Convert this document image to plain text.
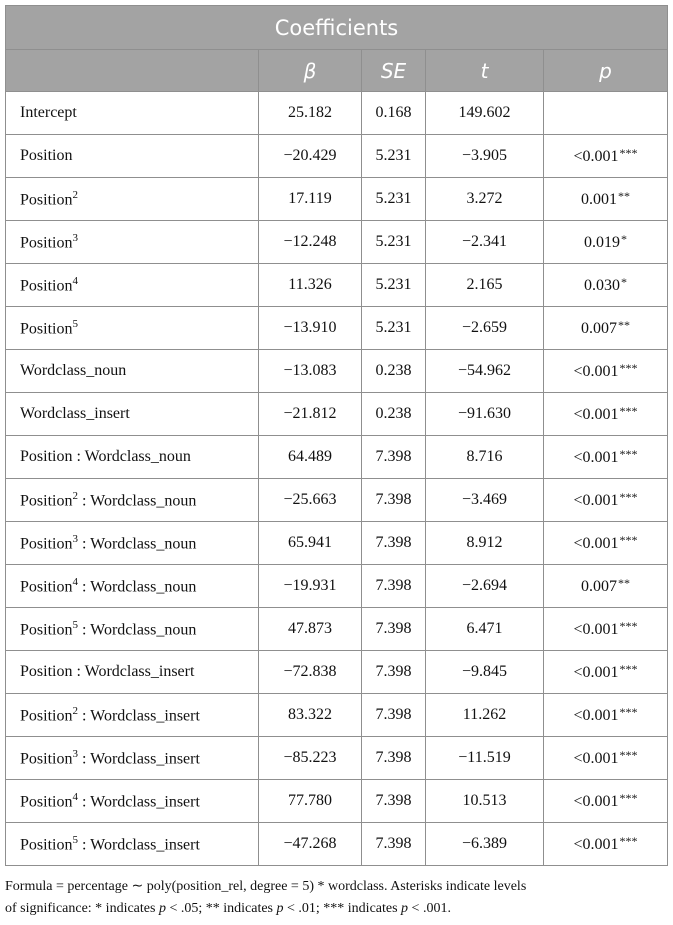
Coefficients				
	β	SE	t	p
Intercept	25.182	0.168	149.602	
Position	−20.429	5.231	−3.905	<0.001***
Position$^2$	17.119	5.231	3.272	0.001**
Position$^3$	−12.248	5.231	−2.341	0.019*
Position$^4$	11.326	5.231	2.165	0.030*
Position$^5$	−13.910	5.231	−2.659	0.007**
Wordclass_noun	−13.083	0.238	−54.962	<0.001***
Wordclass_insert	−21.812	0.238	−91.630	<0.001***
Position : Wordclass_noun	64.489	7.398	8.716	<0.001***
Position$^2$ : Wordclass_noun	−25.663	7.398	−3.469	<0.001***
Position$^3$ : Wordclass_noun	65.941	7.398	8.912	<0.001***
Position$^4$ : Wordclass_noun	−19.931	7.398	−2.694	0.007**
Position$^5$ : Wordclass_noun	47.873	7.398	6.471	<0.001***
Position : Wordclass_insert	−72.838	7.398	−9.845	<0.001***
Position$^2$ : Wordclass_insert	83.322	7.398	11.262	<0.001***
Position$^3$ : Wordclass_insert	−85.223	7.398	−11.519	<0.001***
Position$^4$ : Wordclass_insert	77.780	7.398	10.513	<0.001***
Position$^5$ : Wordclass_insert	−47.268	7.398	−6.389	<0.001***
Formula = percentage ∼ poly(position_rel, degree = 5) * wordclass. Asterisks indicate levels
of significance: * indicates p < .05; ** indicates p < .01; *** indicates p < .001.
